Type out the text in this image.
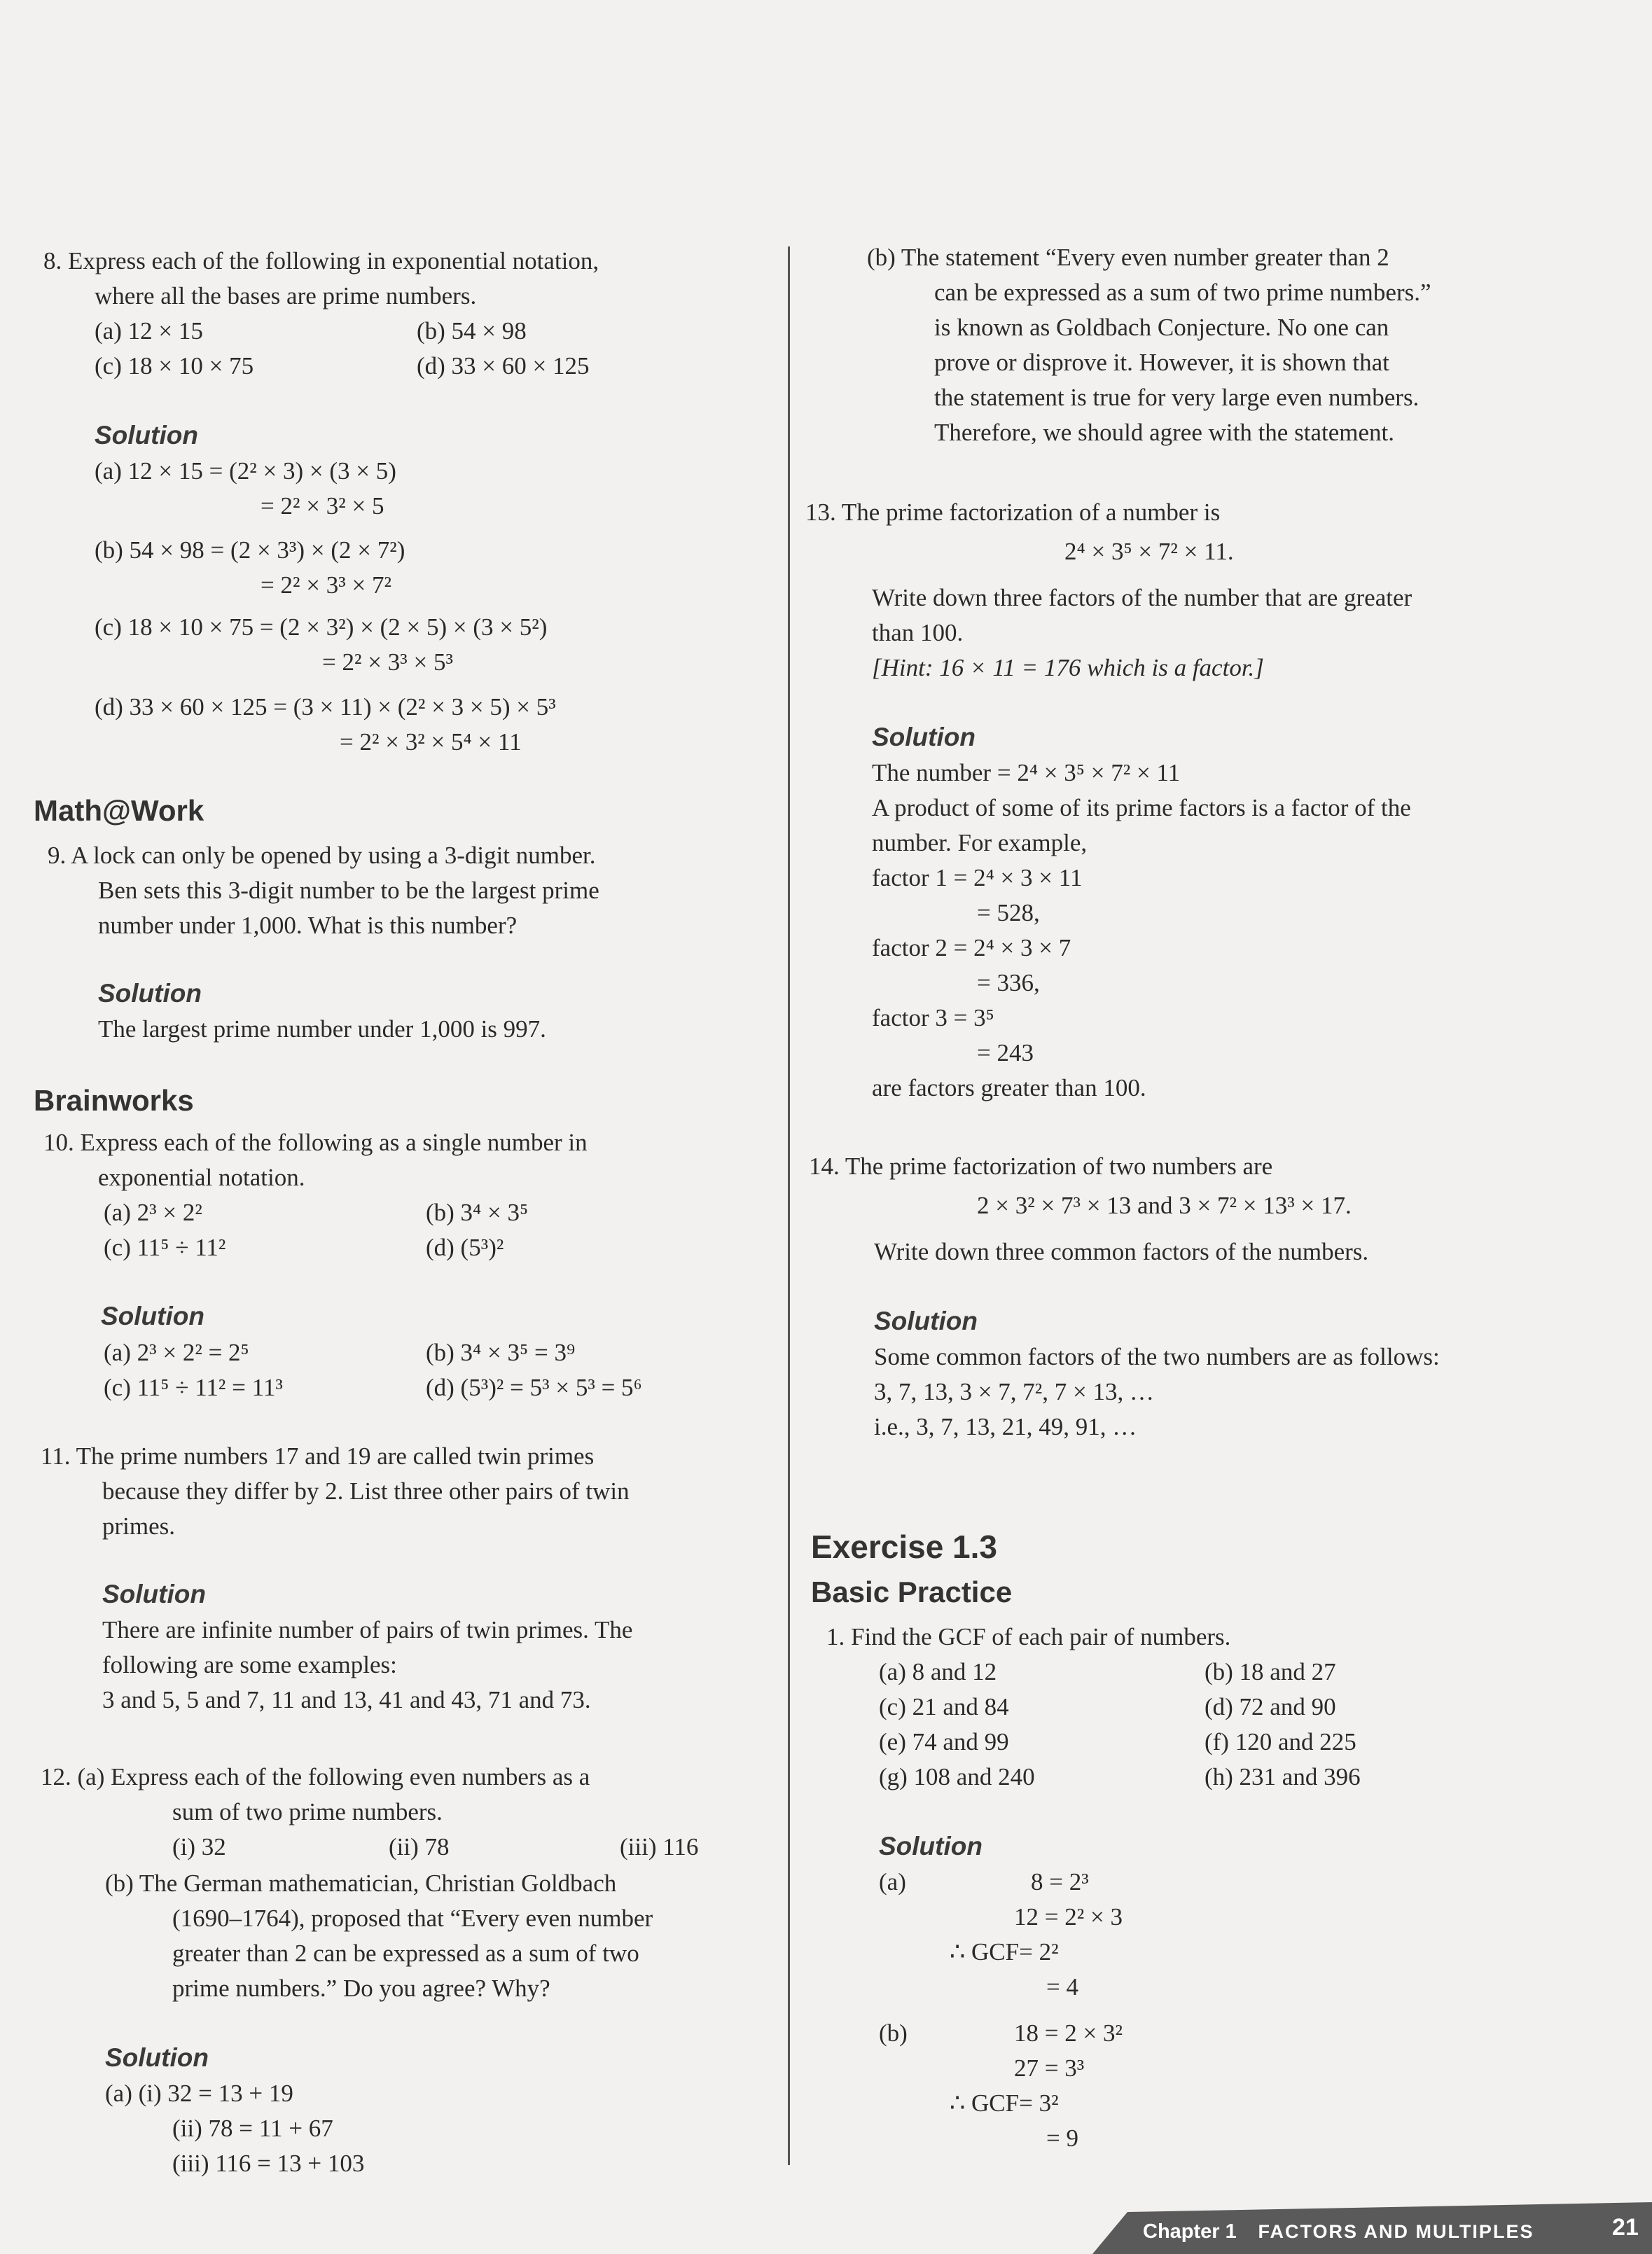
8. Express each of the following in exponential notation,
where all the bases are prime numbers.
(a) 12 × 15	(b) 54 × 98
(c) 18 × 10 × 75	(d) 33 × 60 × 125
Solution
(a) 12 × 15 = (2² × 3) × (3 × 5)
= 2² × 3² × 5
(b) 54 × 98 = (2 × 3³) × (2 × 7²)
= 2² × 3³ × 7²
(c) 18 × 10 × 75 = (2 × 3²) × (2 × 5) × (3 × 5²)
= 2² × 3³ × 5³
(d) 33 × 60 × 125 = (3 × 11) × (2² × 3 × 5) × 5³
= 2² × 3² × 5⁴ × 11
Math@Work
9. A lock can only be opened by using a 3-digit number.
Ben sets this 3-digit number to be the largest prime
number under 1,000. What is this number?
Solution
The largest prime number under 1,000 is 997.
Brainworks
10. Express each of the following as a single number in
exponential notation.
(a) 2³ × 2²	(b) 3⁴ × 3⁵
(c) 11⁵ ÷ 11²	(d) (5³)²
Solution
(a) 2³ × 2² = 2⁵	(b) 3⁴ × 3⁵ = 3⁹
(c) 11⁵ ÷ 11² = 11³	(d) (5³)² = 5³ × 5³ = 5⁶
11. The prime numbers 17 and 19 are called twin primes
because they differ by 2. List three other pairs of twin
primes.
Solution
There are infinite number of pairs of twin primes. The
following are some examples:
3 and 5, 5 and 7, 11 and 13, 41 and 43, 71 and 73.
12. (a) Express each of the following even numbers as a
sum of two prime numbers.
(i) 32	(ii) 78	(iii) 116
(b) The German mathematician, Christian Goldbach
(1690–1764), proposed that “Every even number
greater than 2 can be expressed as a sum of two
prime numbers.” Do you agree? Why?
Solution
(a) (i) 32 = 13 + 19
(ii) 78 = 11 + 67
(iii) 116 = 13 + 103
(b) The statement “Every even number greater than 2
can be expressed as a sum of two prime numbers.”
is known as Goldbach Conjecture. No one can
prove or disprove it. However, it is shown that
the statement is true for very large even numbers.
Therefore, we should agree with the statement.
13. The prime factorization of a number is
2⁴ × 3⁵ × 7² × 11.
Write down three factors of the number that are greater
than 100.
[Hint: 16 × 11 = 176 which is a factor.]
Solution
The number = 2⁴ × 3⁵ × 7² × 11
A product of some of its prime factors is a factor of the
number. For example,
factor 1 = 2⁴ × 3 × 11
= 528,
factor 2 = 2⁴ × 3 × 7
= 336,
factor 3 = 3⁵
= 243
are factors greater than 100.
14. The prime factorization of two numbers are
2 × 3² × 7³ × 13 and 3 × 7² × 13³ × 17.
Write down three common factors of the numbers.
Solution
Some common factors of the two numbers are as follows:
3, 7, 13, 3 × 7, 7², 7 × 13, …
i.e., 3, 7, 13, 21, 49, 91, …
Exercise 1.3
Basic Practice
1. Find the GCF of each pair of numbers.
(a) 8 and 12	(b) 18 and 27
(c) 21 and 84	(d) 72 and 90
(e) 74 and 99	(f) 120 and 225
(g) 108 and 240	(h) 231 and 396
Solution
(a)	8 = 2³
12 = 2² × 3
∴ GCF= 2²
= 4
(b)	18 = 2 × 3²
27 = 3³
∴ GCF= 3²
= 9
Chapter 1 FACTORS AND MULTIPLES	21
